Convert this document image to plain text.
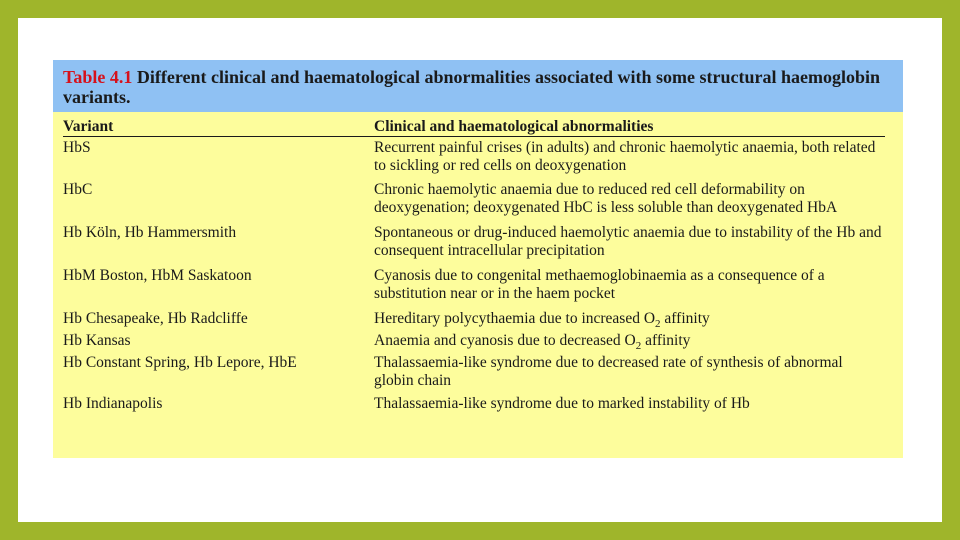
Table 4.1 Different clinical and haematological abnormalities associated with some structural haemoglobin variants.
Variant	Clinical and haematological abnormalities
HbS	Recurrent painful crises (in adults) and chronic haemolytic anaemia, both related to sickling or red cells on deoxygenation
HbC	Chronic haemolytic anaemia due to reduced red cell deformability on deoxygenation; deoxygenated HbC is less soluble than deoxygenated HbA
Hb Köln, Hb Hammersmith	Spontaneous or drug-induced haemolytic anaemia due to instability of the Hb and consequent intracellular precipitation
HbM Boston, HbM Saskatoon	Cyanosis due to congenital methaemoglobinaemia as a consequence of a substitution near or in the haem pocket
Hb Chesapeake, Hb Radcliffe	Hereditary polycythaemia due to increased $O_2$ affinity
Hb Kansas	Anaemia and cyanosis due to decreased $O_2$ affinity
Hb Constant Spring, Hb Lepore, HbE	Thalassaemia-like syndrome due to decreased rate of synthesis of abnormal globin chain
Hb Indianapolis	Thalassaemia-like syndrome due to marked instability of Hb
